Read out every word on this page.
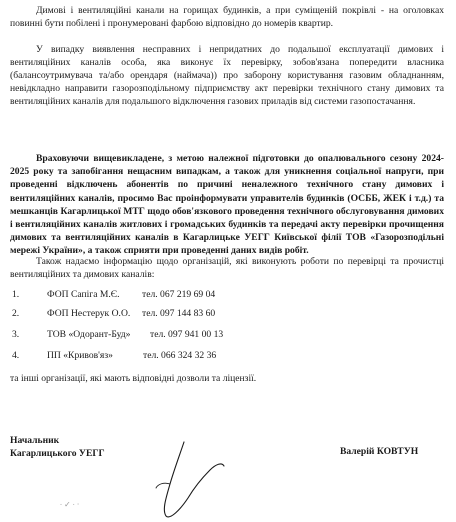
Димові і вентиляційні канали на горищах будинків, а при суміщеній покрівлі - на оголовках повинні бути побілені і пронумеровані фарбою відповідно до номерів квартир.

У випадку виявлення несправних і непридатних до подальшої експлуатації димових і вентиляційних каналів особа, яка виконує їх перевірку, зобов'язана попередити власника (балансоутримувача та/або орендаря (наймача)) про заборону користування газовим обладнанням, невідкладно направити газорозподільному підприємству акт перевірки технічного стану димових та вентиляційних каналів для подальшого відключення газових приладів від системи газопостачання.

Враховуючи вищевикладене, з метою належної підготовки до опалювального сезону 2024-2025 року та запобігання нещасним випадкам, а також для уникнення соціальної напруги, при проведенні відключень абонентів по причині неналежного технічного стану димових і вентиляційних каналів, просимо Вас проінформувати управителів будинків (ОСББ, ЖЕК і т.д.) та мешканців Кагарлицької МТГ щодо обов'язкового проведення технічного обслуговування димових і вентиляційних каналів житлових і громадських будинків та передачі акту перевірки прочищення димових та вентиляційних каналів в Кагарлицьке УЕГГ Київської філії ТОВ «Газорозподільні мережі України», а також сприяти при проведенні даних видів робіт.

Також надаємо інформацію щодо організацій, які виконують роботи по перевірці та прочистці вентиляційних та димових каналів:

1.	ФОП Сапіга М.Є. тел. 067 219 69 04
2.	ФОП Нестерук О.О. тел. 097 144 83 60
3.	ТОВ «Одорант-Буд» тел. 097 941 00 13
4.	ПП «Кривов'яз»	тел. 066 324 32 36
та інші організації, які мають відповідні дозволи та ліцензії.
Начальник
Кагарлицького УЕГГ	Валерій КОВТУН
∙ ✓ ∙ ·
